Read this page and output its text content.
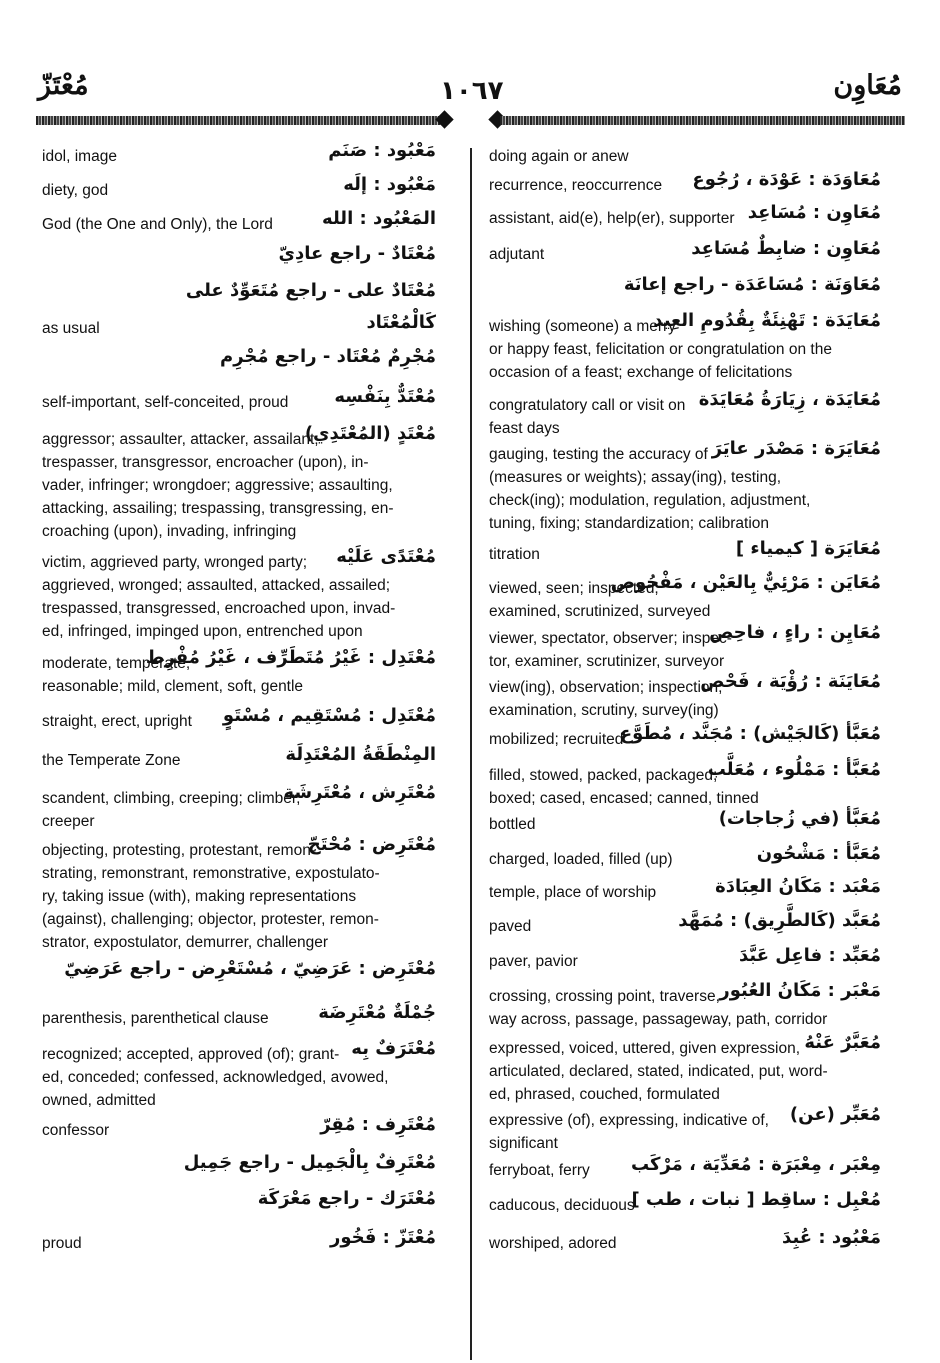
مُعْتَزّ	١٠٦٧	مُعَاوِن
مَعْبُود : صَنَم
idol, image
مَعْبُود : إلَه
diety, god
المَعْبُود : الله
God (the One and Only), the Lord
مُعْتَادٌ - راجع عادِيّ
مُعْتَادٌ على - راجع مُتَعَوِّدٌ على
كَالْمُعْتَاد
as usual
مُجْرِمٌ مُعْتَاد - راجع مُجْرِم
مُعْتَدٌّ بِنَفْسِه
self-important, self-conceited, proud
مُعْتَدٍ (المُعْتَدِي)
aggressor; assaulter, attacker, assailant;
trespasser, transgressor, encroacher (upon), in-
vader, infringer; wrongdoer; aggressive; assaulting,
attacking, assailing; trespassing, transgressing, en-
croaching (upon), invading, infringing
مُعْتَدًى عَلَيْه
victim, aggrieved party, wronged party;
aggrieved, wronged; assaulted, attacked, assailed;
trespassed, transgressed, encroached upon, invad-
ed, infringed, impinged upon, entrenched upon
مُعْتَدِل : غَيْرُ مُتَطَرِّف ، غَيْرُ مُفْرِط
moderate, temperate,
reasonable; mild, clement, soft, gentle
مُعْتَدِل : مُسْتَقِيم ، مُسْتَوٍ
straight, erect, upright
المِنْطَقَةُ المُعْتَدِلَة
the Temperate Zone
مُعْتَرِش ، مُعْتَرِشَة
scandent, climbing, creeping; climber,
creeper
مُعْتَرِض : مُحْتَجّ
objecting, protesting, protestant, remon-
strating, remonstrant, remonstrative, expostulato-
ry, taking issue (with), making representations
(against), challenging; objector, protester, remon-
strator, expostulator, demurrer, challenger
مُعْتَرِض : عَرَضِيّ ، مُسْتَعْرِض - راجع عَرَضِيّ
جُمْلَةٌ مُعْتَرِضَة
parenthesis, parenthetical clause
مُعْتَرَفٌ بِه
recognized; accepted, approved (of); grant-
ed, conceded; confessed, acknowledged, avowed,
owned, admitted
مُعْتَرِف : مُقِرّ
confessor
مُعْتَرِفٌ بِالْجَمِيل - راجع جَمِيل
مُعْتَرَك - راجع مَعْرَكَة
مُعْتَزّ : فَخُور
proud
doing again or anew
مُعَاوَدَة : عَوْدَة ، رُجُوع
recurrence, reoccurrence
مُعَاوِن : مُسَاعِد
assistant, aid(e), help(er), supporter
مُعَاوِن : ضابِطٌ مُسَاعِد
adjutant
مُعَاوَنَة : مُسَاعَدَة - راجع إعانَة
مُعَايَدَة : تَهْنِئَةٌ بِقُدُومِ العِيد
wishing (someone) a merry
or happy feast, felicitation or congratulation on the
occasion of a feast; exchange of felicitations
مُعَايَدَة ، زِيَارَةُ مُعَايَدَة
congratulatory call or visit on
feast days
مُعَايَرَة : مَصْدَر عايَرَ
gauging, testing the accuracy of
(measures or weights); assay(ing), testing,
check(ing); modulation, regulation, adjustment,
tuning, fixing; standardization; calibration
مُعَايَرَة [ كيمياء ]
titration
مُعَايَن : مَرْئِيٌّ بِالعَيْن ، مَفْحُوص
viewed, seen; inspected,
examined, scrutinized, surveyed
مُعَايِن : راءٍ ، فاحِص
viewer, spectator, observer; inspec-
tor, examiner, scrutinizer, surveyor
مُعَايَنَة : رُؤْيَة ، فَحْص
view(ing), observation; inspection,
examination, scrutiny, survey(ing)
مُعَبَّأ (كَالجَيْش) : مُجَنَّد ، مُطَوَّع
mobilized; recruited
مُعَبَّأ : مَمْلُوء ، مُعَلَّب
filled, stowed, packed, packaged;
boxed; cased, encased; canned, tinned
مُعَبَّأ (في زُجاجات)
bottled
مُعَبَّأ : مَشْحُون
charged, loaded, filled (up)
مَعْبَد : مَكَانُ العِبَادَة
temple, place of worship
مُعَبَّد (كَالطَّرِيق) : مُمَهَّد
paved
مُعَبِّد : فاعِل عَبَّدَ
paver, pavior
مَعْبَر : مَكَانُ العُبُور
crossing, crossing point, traverse,
way across, passage, passageway, path, corridor
مُعَبَّرٌ عَنْهُ
expressed, voiced, uttered, given expression,
articulated, declared, stated, indicated, put, word-
ed, phrased, couched, formulated
مُعَبِّر (عن)
expressive (of), expressing, indicative of,
significant
مِعْبَر ، مِعْبَرَة : مُعَدِّيَة ، مَرْكَب
ferryboat, ferry
مُعْبِل : ساقِط [ نبات ، طب ]
caducous, deciduous
مَعْبُود : عُبِدَ
worshiped, adored
